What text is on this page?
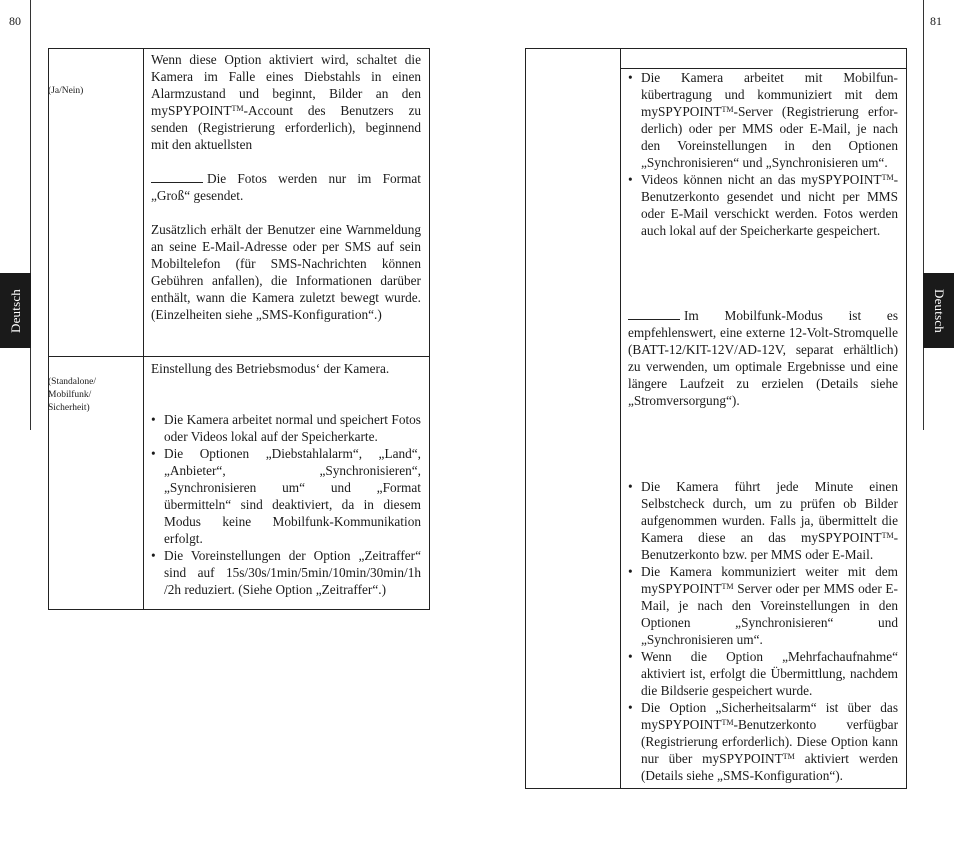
80	81
Deutsch	Deutsch
(Ja/Nein)

Wenn diese Option aktiviert wird, schaltet die Kamera im Falle eines Diebstahls in einen Alarmzustand und beginnt, Bilder an den mySPYPOINT™-Account des Benutzers zu senden (Registrierung erforderlich), beginnend mit den aktuellsten

Die Fotos werden nur im Format „Groß“ gesendet.

Zusätzlich erhält der Benutzer eine Warnmeldung an seine E-Mail-Adresse oder per SMS auf sein Mobiltelefon (für SMS-Nachrichten können Gebühren anfallen), die Informationen darüber enthält, wann die Kamera zuletzt bewegt wurde. (Einzelheiten siehe „SMS-Konfiguration“.)

(Standalone/
Mobilfunk/
Sicherheit)

Einstellung des Betriebsmodus‘ der Kamera.

• Die Kamera arbeitet normal und speichert Fotos oder Videos lokal auf der Speicherkarte.
• Die Optionen „Diebstahlalarm“, „Land“, „Anbieter“, „Synchronisieren“, „Synchronisieren um“ und „Format übermitteln“ sind deaktiviert, da in diesem Modus keine Mobilfunk-Kommunikation erfolgt.
• Die Voreinstellungen der Option „Zeitraffer“ sind auf 15s/30s/1min/5min/10min/30min/1h /2h reduziert. (Siehe Option „Zeitraffer“.)
• Die Kamera arbeitet mit Mobilfun-kübertragung und kommuniziert mit dem mySPYPOINT™-Server (Registrierung erfor-derlich) oder per MMS oder E-Mail, je nach den Voreinstellungen in den Optionen „Synchronisieren“ und „Synchronisieren um“.
• Videos können nicht an das mySPYPOINT™-Benutzerkonto gesendet und nicht per MMS oder E-Mail verschickt werden. Fotos werden auch lokal auf der Speicherkarte gespeichert.

Im Mobilfunk-Modus ist es empfehlenswert, eine externe 12-Volt-Stromquelle (BATT-12/KIT-12V/AD-12V, separat erhältlich) zu verwenden, um optimale Ergebnisse und eine längere Laufzeit zu erzielen (Details siehe „Stromversorgung“).

• Die Kamera führt jede Minute einen Selbstcheck durch, um zu prüfen ob Bilder aufgenommen wurden. Falls ja, übermittelt die Kamera diese an das mySPYPOINT™-Benutzerkonto bzw. per MMS oder E-Mail.
• Die Kamera kommuniziert weiter mit dem mySPYPOINT™ Server oder per MMS oder E-Mail, je nach den Voreinstellungen in den Optionen „Synchronisieren“ und „Synchronisieren um“.
• Wenn die Option „Mehrfachaufnahme“ aktiviert ist, erfolgt die Übermittlung, nachdem die Bildserie gespeichert wurde.
• Die Option „Sicherheitsalarm“ ist über das mySPYPOINT™-Benutzerkonto verfügbar (Registrierung erforderlich). Diese Option kann nur über mySPYPOINT™ aktiviert werden (Details siehe „SMS-Konfiguration“).
